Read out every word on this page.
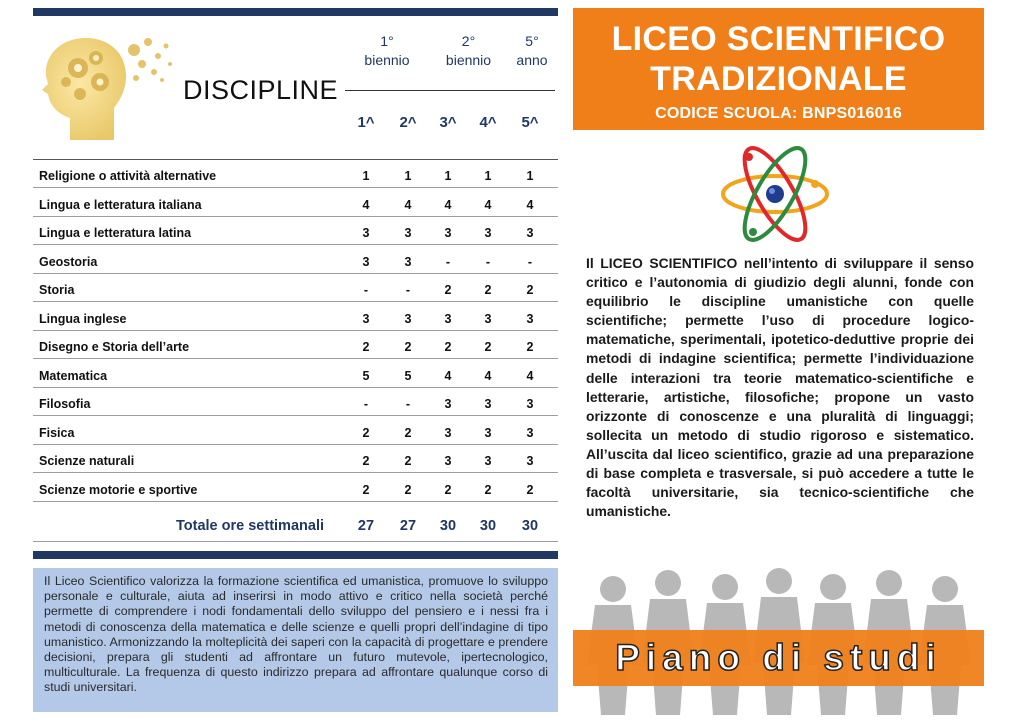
DISCIPLINE
1°
biennio
2°
biennio
5°
anno
1^	2^	3^	4^	5^
Religione o attività alternative	1	1	1	1	1
Lingua e letteratura italiana	4	4	4	4	4
Lingua e letteratura latina	3	3	3	3	3
Geostoria	3	3	-	-	-
Storia	-	-	2	2	2
Lingua inglese	3	3	3	3	3
Disegno e Storia dell’arte	2	2	2	2	2
Matematica	5	5	4	4	4
Filosofia	-	-	3	3	3
Fisica	2	2	3	3	3
Scienze naturali	2	2	3	3	3
Scienze motorie e sportive	2	2	2	2	2
Totale ore settimanali	27	27	30	30	30

Il Liceo Scientifico valorizza la formazione scientifica ed umanistica, promuove lo sviluppo personale e culturale, aiuta ad inserirsi in modo attivo e critico nella società perché permette di comprendere i nodi fondamentali dello sviluppo del pensiero e i nessi fra i metodi di conoscenza della matematica e delle scienze e quelli propri dell’indagine di tipo umanistico. Armonizzando la molteplicità dei saperi con la capacità di progettare e prendere decisioni, prepara gli studenti ad affrontare un futuro mutevole, ipertecnologico, multiculturale. La frequenza di questo indirizzo prepara ad affrontare qualunque corso di studi universitari.

LICEO SCIENTIFICO
TRADIZIONALE
CODICE SCUOLA: BNPS016016

Il LICEO SCIENTIFICO nell’intento di sviluppare il senso critico e l’autonomia di giudizio degli alunni, fonde con equilibrio le discipline umanistiche con quelle scientifiche; permette l’uso di procedure logico-matematiche, sperimentali, ipotetico-deduttive proprie dei metodi di indagine scientifica; permette l’individuazione delle interazioni tra teorie matematico-scientifiche e letterarie, artistiche, filosofiche; propone un vasto orizzonte di conoscenze e una pluralità di linguaggi; sollecita un metodo di studio rigoroso e sistematico. All’uscita dal liceo scientifico, grazie ad una preparazione di base completa e trasversale, si può accedere a tutte le facoltà universitarie, sia tecnico-scientifiche che umanistiche.

Piano di studi
